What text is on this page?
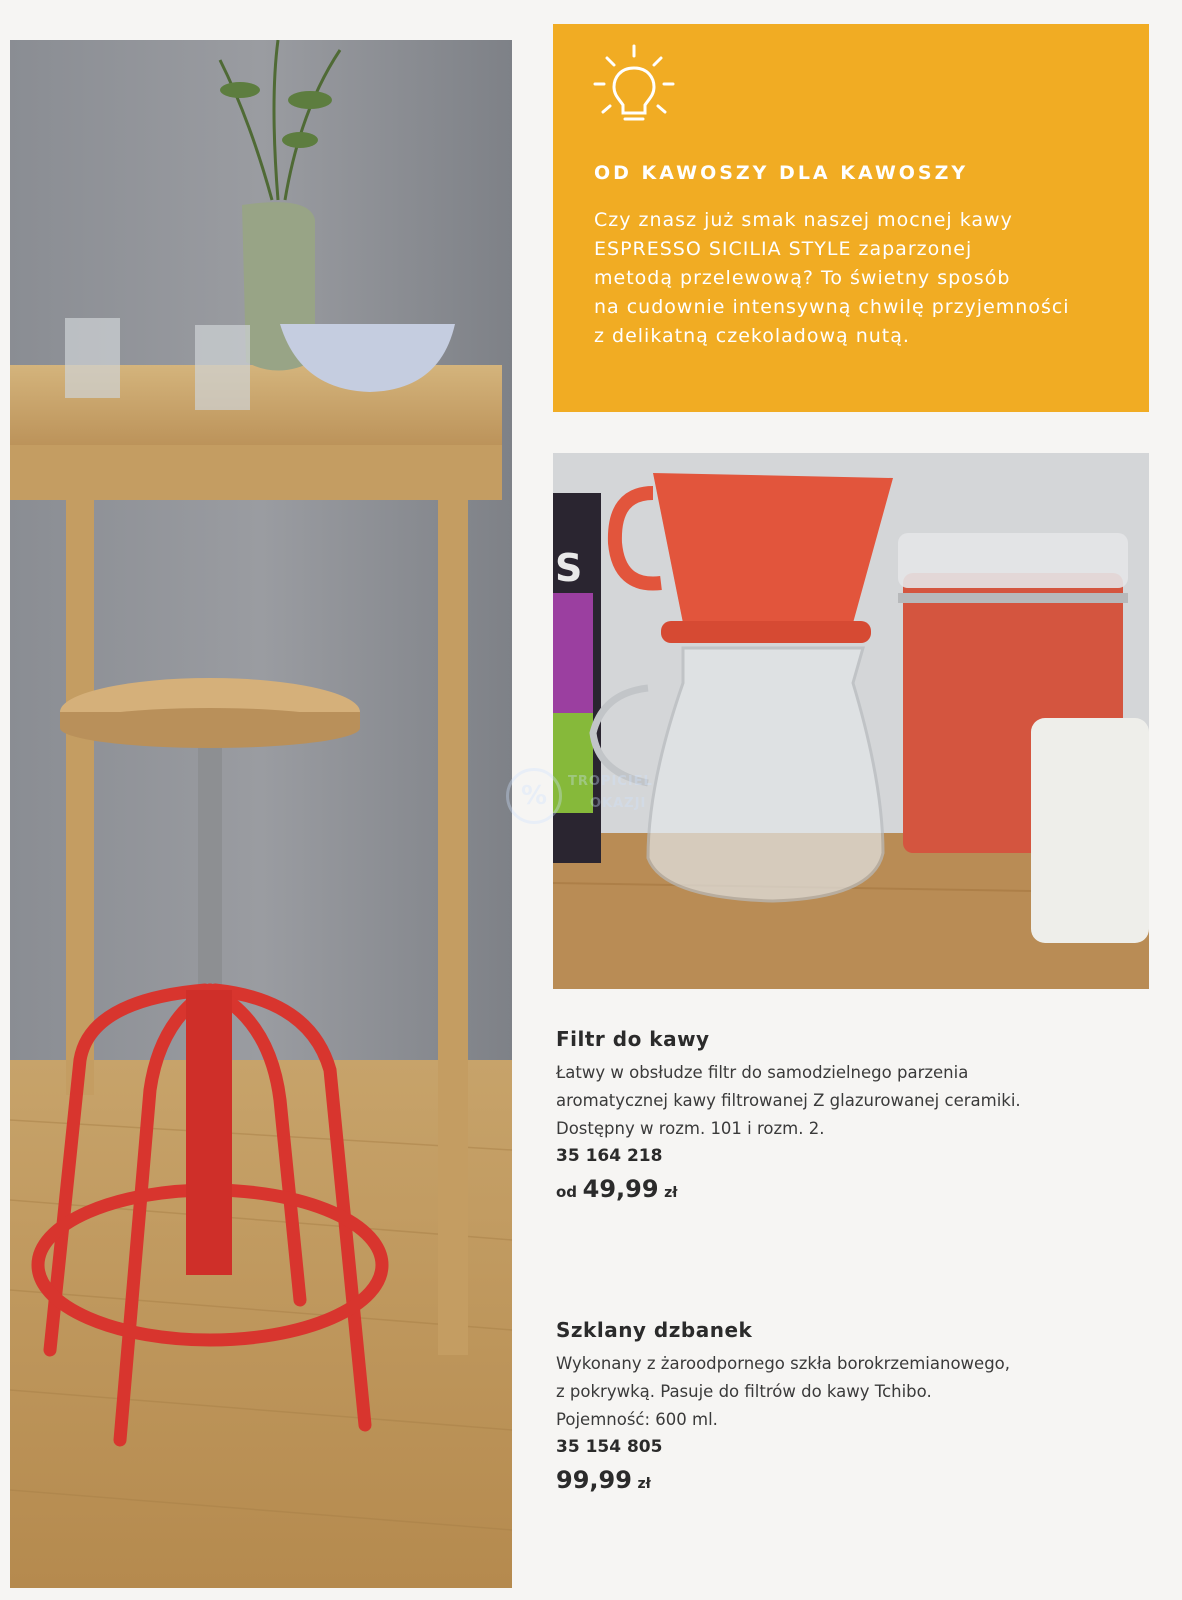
OD KAWOSZY DLA KAWOSZY
Czy znasz już smak naszej mocnej kawy
ESPRESSO SICILIA STYLE zaparzonej
metodą przelewową? To świetny sposób
na cudownie intensywną chwilę przyjemności
z delikatną czekoladową nutą.
S
%	TROPICIEL
OKAZJI
Filtr do kawy
Łatwy w obsłudze filtr do samodzielnego parzenia
aromatycznej kawy filtrowanej Z glazurowanej ceramiki.
Dostępny w rozm. 101 i rozm. 2.
35 164 218
od 49,99 zł
Szklany dzbanek
Wykonany z żaroodpornego szkła borokrzemianowego,
z pokrywką. Pasuje do filtrów do kawy Tchibo.
Pojemność: 600 ml.
35 154 805
99,99 zł
